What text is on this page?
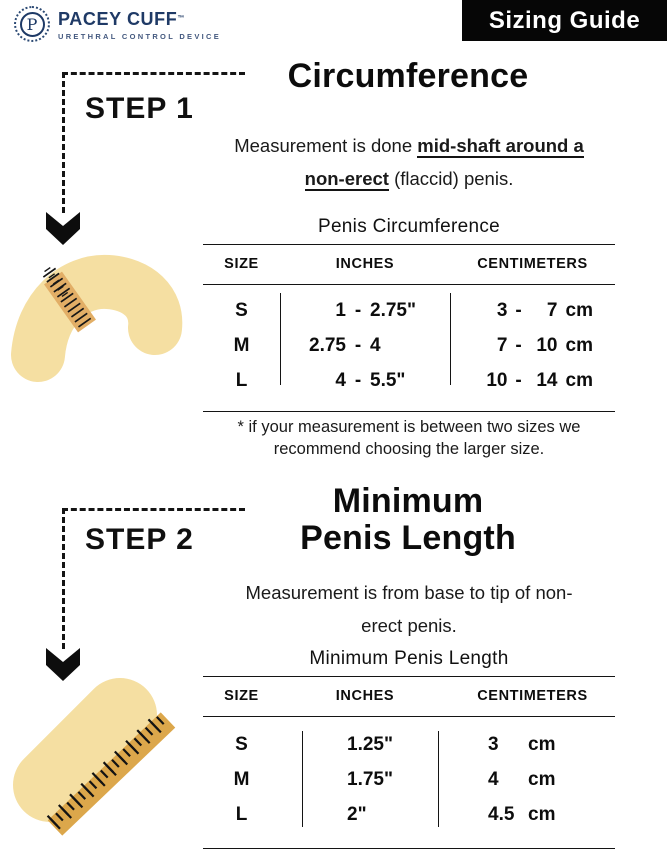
P	PACEY CUFF™
URETHRAL CONTROL DEVICE
Sizing Guide
STEP 1
Circumference
Measurement is done mid-shaft around a
non-erect (flaccid) penis.
Penis Circumference
SIZE	INCHES	CENTIMETERS
S	1 - 2.75"	3 -	7 cm
M	2.75 - 4	7 - 10 cm
L	4 - 5.5"	10 - 14 cm
* if your measurement is between two sizes we
recommend choosing the larger size.
STEP 2
Minimum
Penis Length
Measurement is from base to tip of non-
erect penis.
Minimum Penis Length
SIZE	INCHES	CENTIMETERS
S	1.25"	3	cm
M	1.75"	4	cm
L	2"	4.5 cm
